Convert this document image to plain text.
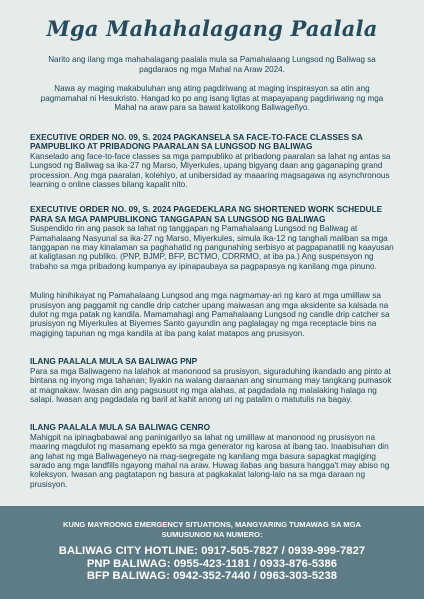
Mga Mahahalagang Paalala

Narito ang ilang mga mahahalagang paalala mula sa Pamahalaang Lungsod ng Baliwag sa pagdaraos ng mga Mahal na Araw 2024.

Nawa ay maging makabuluhan ang ating pagdiriwang at maging inspirasyon sa atin ang pagmamahal ni Hesukristo. Hangad ko po ang isang ligtas at mapayapang pagdiriwang ng mga Mahal na araw para sa bawat katolikong Baliwageñyo.

EXECUTIVE ORDER NO. 09, S. 2024 PAGKANSELA SA FACE-TO-FACE CLASSES SA PAMPUBLIKO AT PRIBADONG PAARALAN SA LUNGSOD NG BALIWAG

Kanselado ang face-to-face classes sa mga pampubliko at pribadong paaralan sa lahat ng antas sa Lungsod ng Baliwag sa ika-27 ng Marso, Miyerkules, upang bigyang daan ang gaganaping grand procession. Ang mga paaralan, kolehiyo, at unibersidad ay maaaring magsagawa ng asynchronous learning o online classes bilang kapalit nito.

EXECUTIVE ORDER NO. 09, S. 2024 PAGEDEKLARA NG SHORTENED WORK SCHEDULE PARA SA MGA PAMPUBLIKONG TANGGAPAN SA LUNGSOD NG BALIWAG

Suspendido rin ang pasok sa lahat ng tanggapan ng Pamahalaang Lungsod ng Baliwag at Pamahalaang Nasyunal sa ika-27 ng Marso, Miyerkules, simula ika-12 ng tanghali maliban sa mga tanggapan na may kinalaman sa paghahatid ng pangunahing serbisyo at pagpapanatili ng kaayusan at kaligtasan ng publiko. (PNP, BJMP, BFP, BCTMO, CDRRMO, at iba pa.) Ang suspensyon ng trabaho sa mga pribadong kumpanya ay ipinapaubaya sa pagpapasya ng kanilang mga pinuno.

Muling hinihikayat ng Pamahalaang Lungsod ang mga nagmamay-ari ng karo at mga umiillaw sa prusisyon ang paggamit ng candle drip catcher upang maiwasan ang mga aksidente sa kalsada na dulot ng mga patak ng kandila. Mamamahagi ang Pamahalaang Lungsod ng candle drip catcher sa prusisyon ng Miyerkules at Biyernes Santo gayundin ang paglalagay ng mga receptacle bins na magiging tapunan ng mga kandila at iba pang kalat matapos ang prusisyon.

ILANG PAALALA MULA SA BALIWAG PNP

Para sa mga Baliwageno na lalahok at manonood sa prusisyon, siguraduhing ikandado ang pinto at bintana ng inyong mga tahanan; liyakin na walang daraanan ang sinumang may tangkang pumasok at magnakaw. Iwasan din ang pagsusuot ng mga alahas, at pagdadala ng malalaking halaga ng salapi. Iwasan ang pagdadala ng baril at kahit anong uri ng patalim o matutulis na bagay.

ILANG PAALALA MULA SA BALIWAG CENRO

Mahigpit na ipinagbabawal ang paninigarilyo sa lahat ng umiillaw at manonood ng prusisyon na maaring magdulot ng masamang epekto sa mga generator ng karosa at ibang tao. Inaabisuhan din ang lahat ng mga Baliwageneyo na mag-segregate ng kanilang mga basura sapagkat magiging sarado ang mga landfills ngayong mahal na araw. Huwag ilabas ang basura hangga't may abiso ng koleksyon. Iwasan ang pagtatapon ng basura at pagkakalat lalong-lalo na sa mga daraan ng prusisyon.

KUNG MAYROONG EMERGENCY SITUATIONS, MANGYARING TUMAWAG SA MGA SUMUSUNOD NA NUMERO:

BALIWAG CITY HOTLINE: 0917-505-7827 / 0939-999-7827

PNP BALIWAG: 0955-423-1181 / 0933-876-5386

BFP BALIWAG: 0942-352-7440 / 0963-303-5238
